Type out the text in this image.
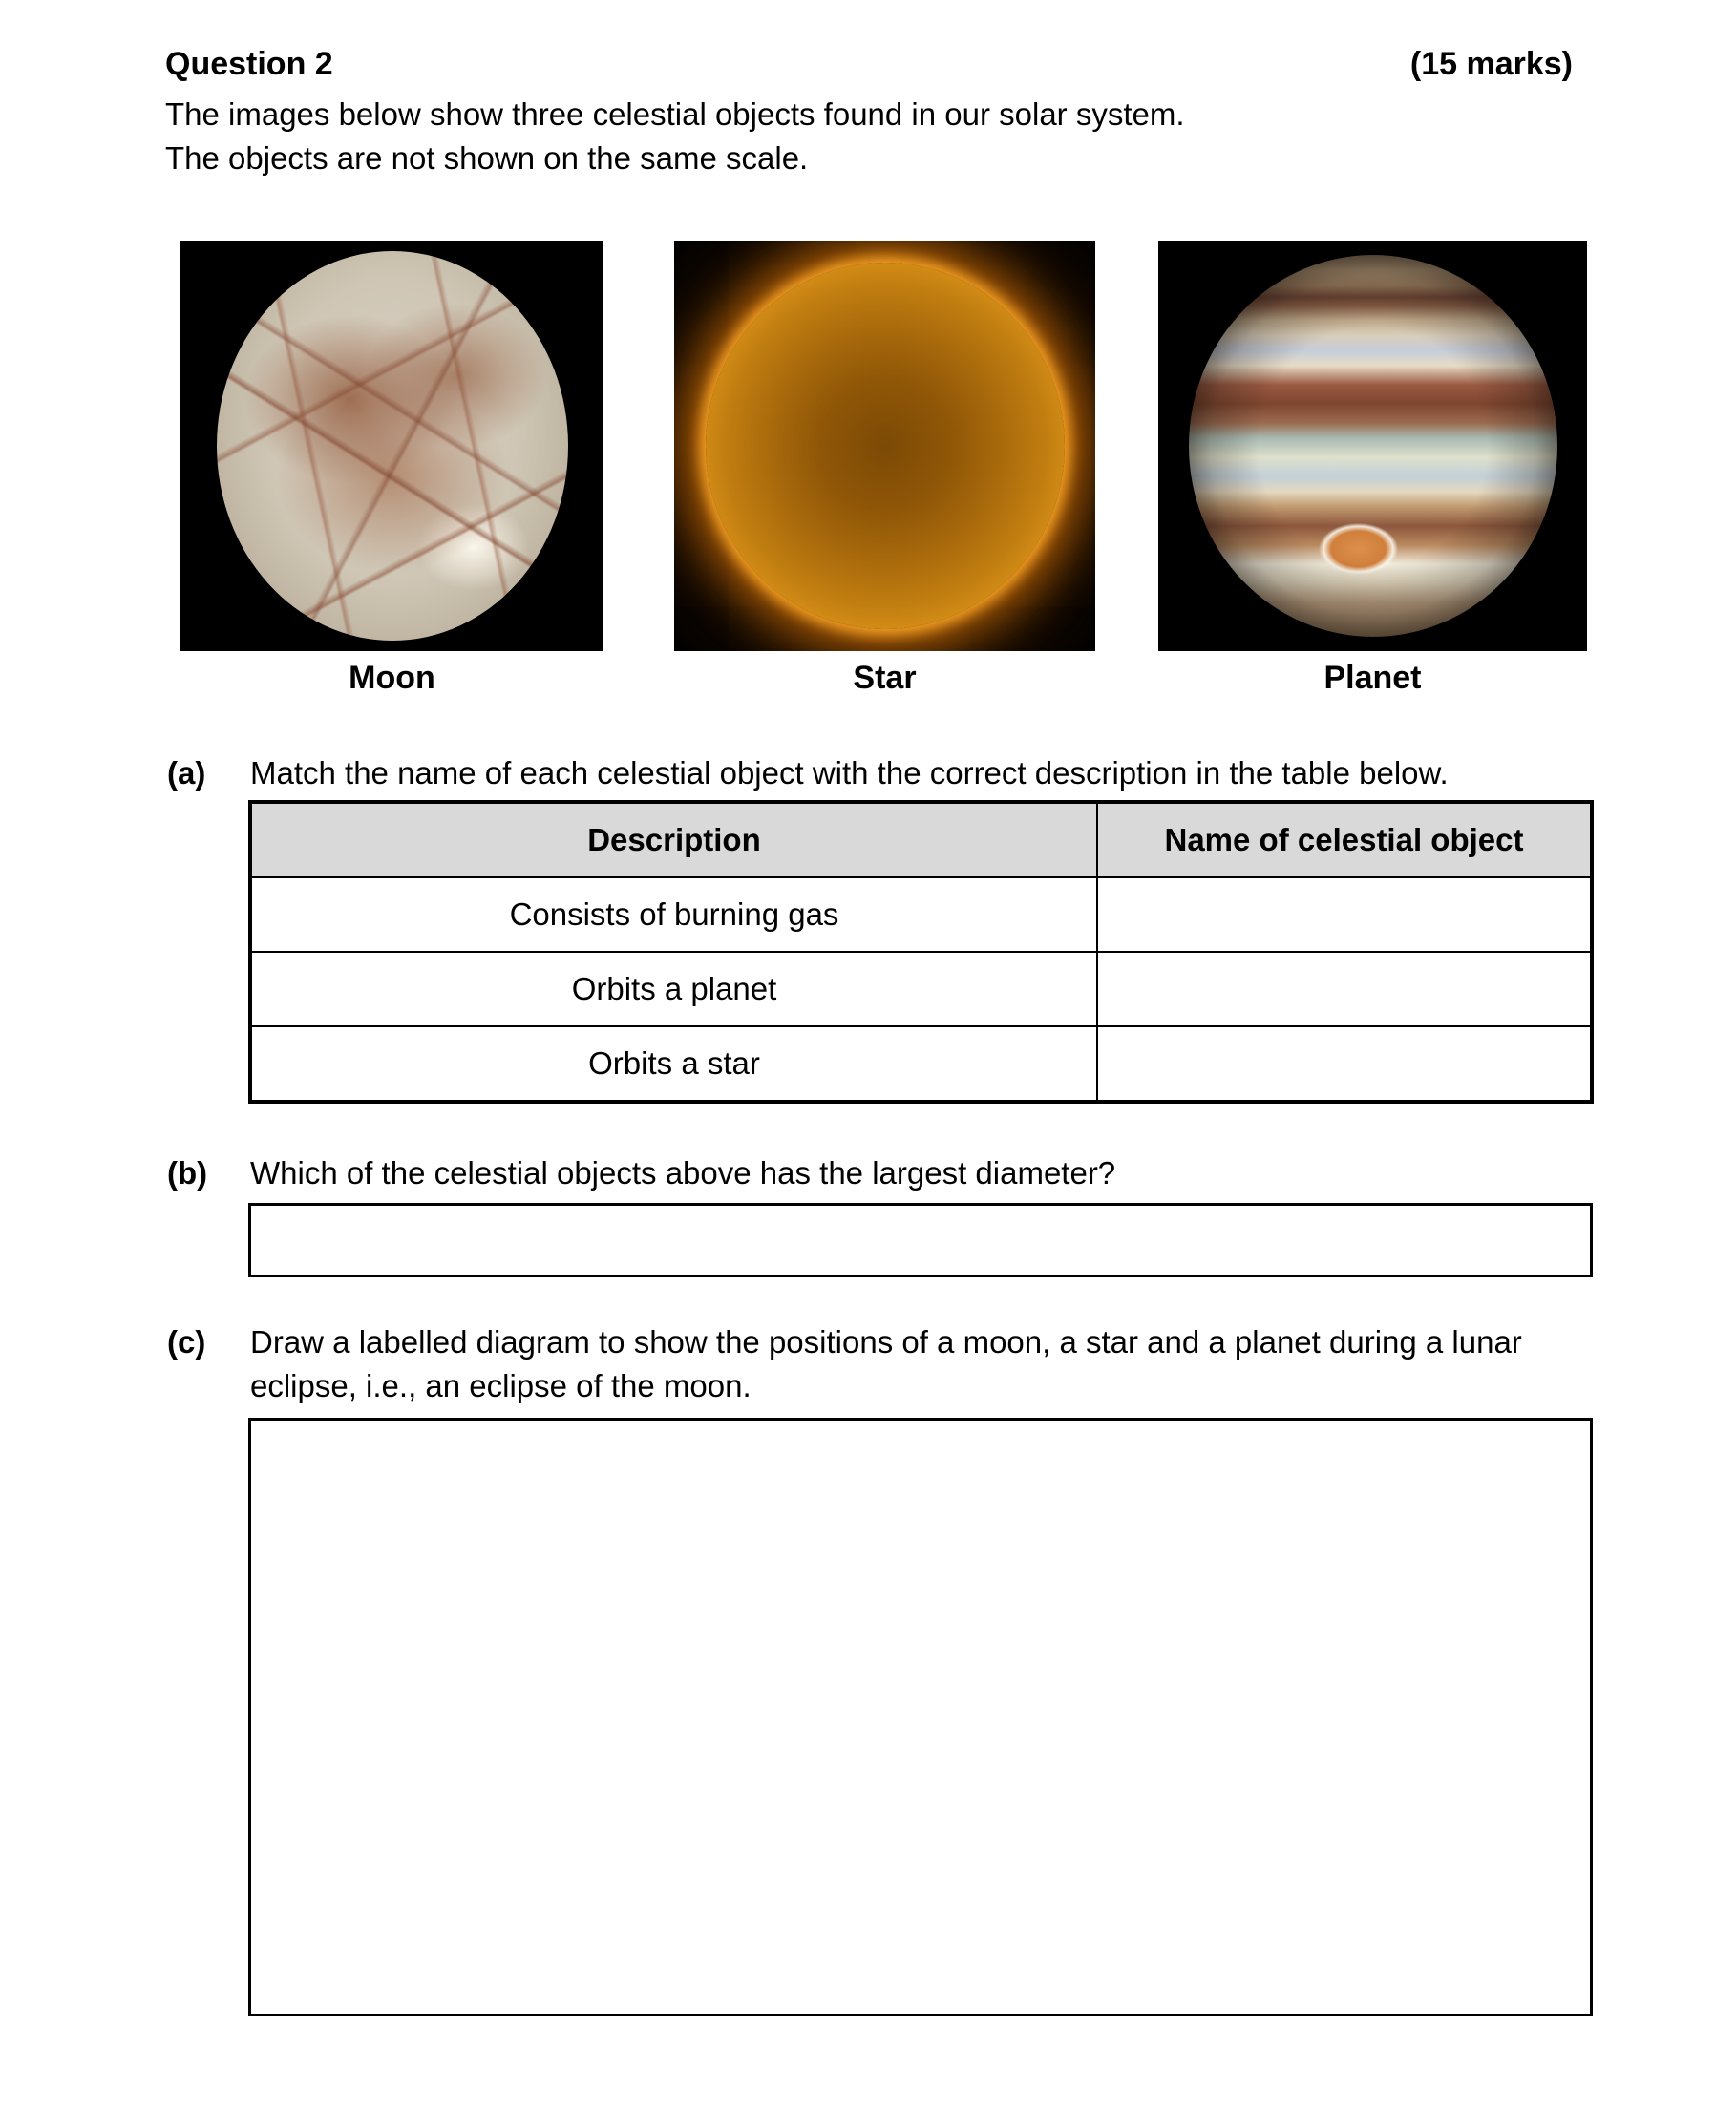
Question 2	(15 marks)
The images below show three celestial objects found in our solar system.
The objects are not shown on the same scale.
Moon	Star	Planet
(a) Match the name of each celestial object with the correct description in the table below.
Description	Name of celestial object
Consists of burning gas	
Orbits a planet	
Orbits a star	
(b) Which of the celestial objects above has the largest diameter?
(c) Draw a labelled diagram to show the positions of a moon, a star and a planet during a lunar
eclipse, i.e., an eclipse of the moon.
